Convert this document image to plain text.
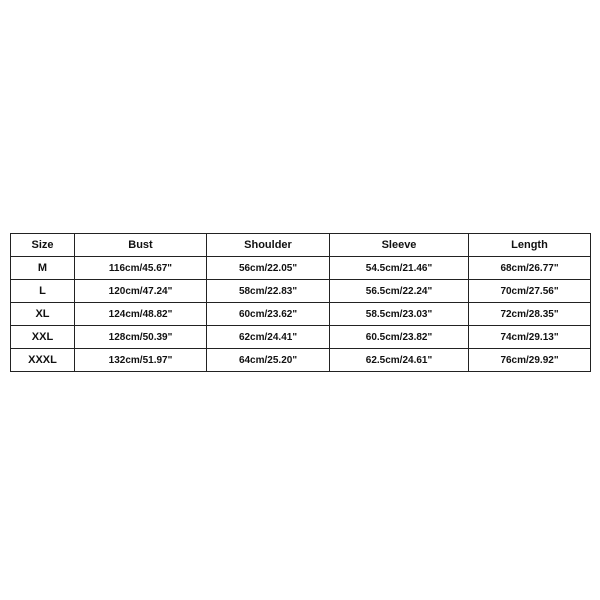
Size	Bust	Shoulder	Sleeve	Length
M	116cm/45.67"	56cm/22.05"	54.5cm/21.46"	68cm/26.77"
L	120cm/47.24"	58cm/22.83"	56.5cm/22.24"	70cm/27.56"
XL	124cm/48.82"	60cm/23.62"	58.5cm/23.03"	72cm/28.35"
XXL	128cm/50.39"	62cm/24.41"	60.5cm/23.82"	74cm/29.13"
XXXL	132cm/51.97"	64cm/25.20"	62.5cm/24.61"	76cm/29.92"
